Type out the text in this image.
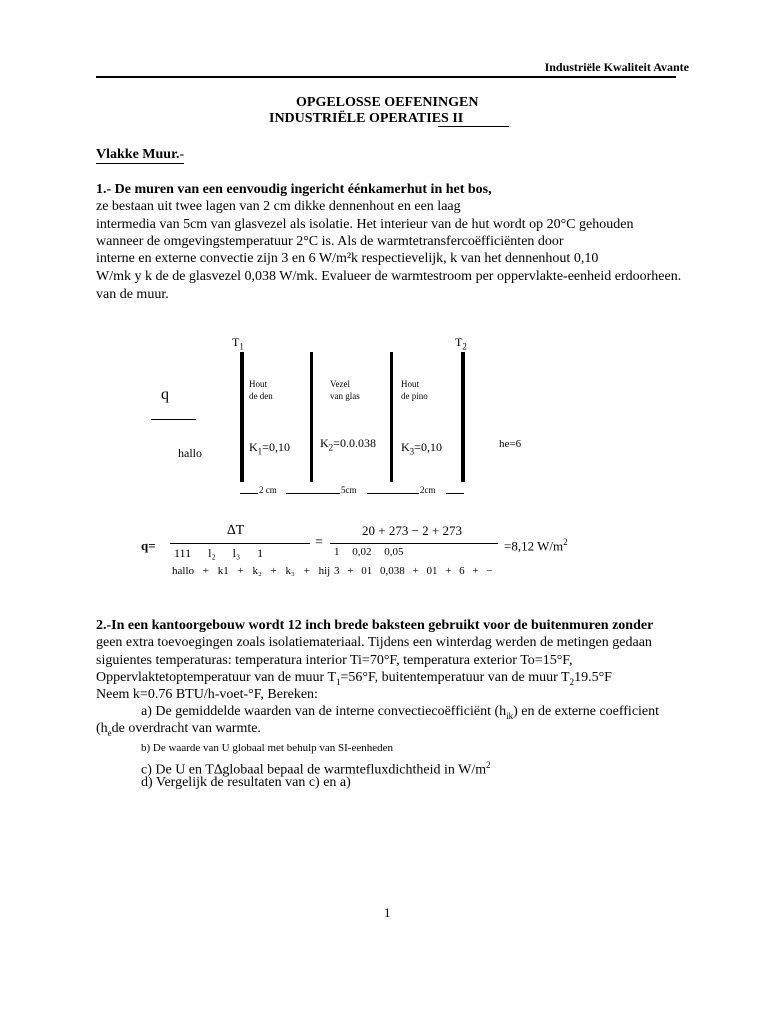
Industriële Kwaliteit Avante
OPGELOSSE OEFENINGEN
INDUSTRIËLE OPERATIES II
Vlakke Muur.-
1.- De muren van een eenvoudig ingericht éénkamerhut in het bos,
ze bestaan uit twee lagen van 2 cm dikke dennenhout en een laag
intermedia van 5cm van glasvezel als isolatie. Het interieur van de hut wordt op 20°C gehouden
wanneer de omgevingstemperatuur 2°C is. Als de warmtetransfercoëfficiënten door
interne en externe convectie zijn 3 en 6 W/m²k respectievelijk, k van het dennenhout 0,10
W/mk y k de de glasvezel 0,038 W/mk. Evalueer de warmtestroom per oppervlakte-eenheid erdoorheen.
van de muur.
$T_1$	$T_2$
q
hallo
Hout
de den
Vezel
van glas
Hout
de pino
$K_1=0,10$	$K_2=0.0.038$ $K_3=0,10$	he=6
2 cm	5cm	2cm
q=
∆T
111 l₂ l₃ 1
hallo + k1 + k₂ + k₃ + hij
=
20 + 273 − 2 + 273
1 0,02 0,05
3 + 01 0,038 + 01 + 6 + −
=8,12 $W/m^2$
2.-In een kantoorgebouw wordt 12 inch brede baksteen gebruikt voor de buitenmuren zonder
geen extra toevoegingen zoals isolatiemateriaal. Tijdens een winterdag werden de metingen gedaan
siguientes temperaturas: temperatura interior Ti=70°F, temperatura exterior To=15°F,
Oppervlaktetoptemperatuur van de muur $T_1=56^\circ F$, buitentemperatuur van de muur $T_219.5^\circ F$
Neem k=0.76 BTU/h-voet-°F, Bereken:
a) De gemiddelde waarden van de interne convectiecoëfficiënt $(h_{ik})$ en de externe coefficient
($h_ede$ overdracht van warmte.
b) De waarde van U globaal met behulp van SI-eenheden
c) De U en T∆globaal bepaal de warmtefluxdichtheid in $W/m^2$
d) Vergelijk de resultaten van c) en a)
1
